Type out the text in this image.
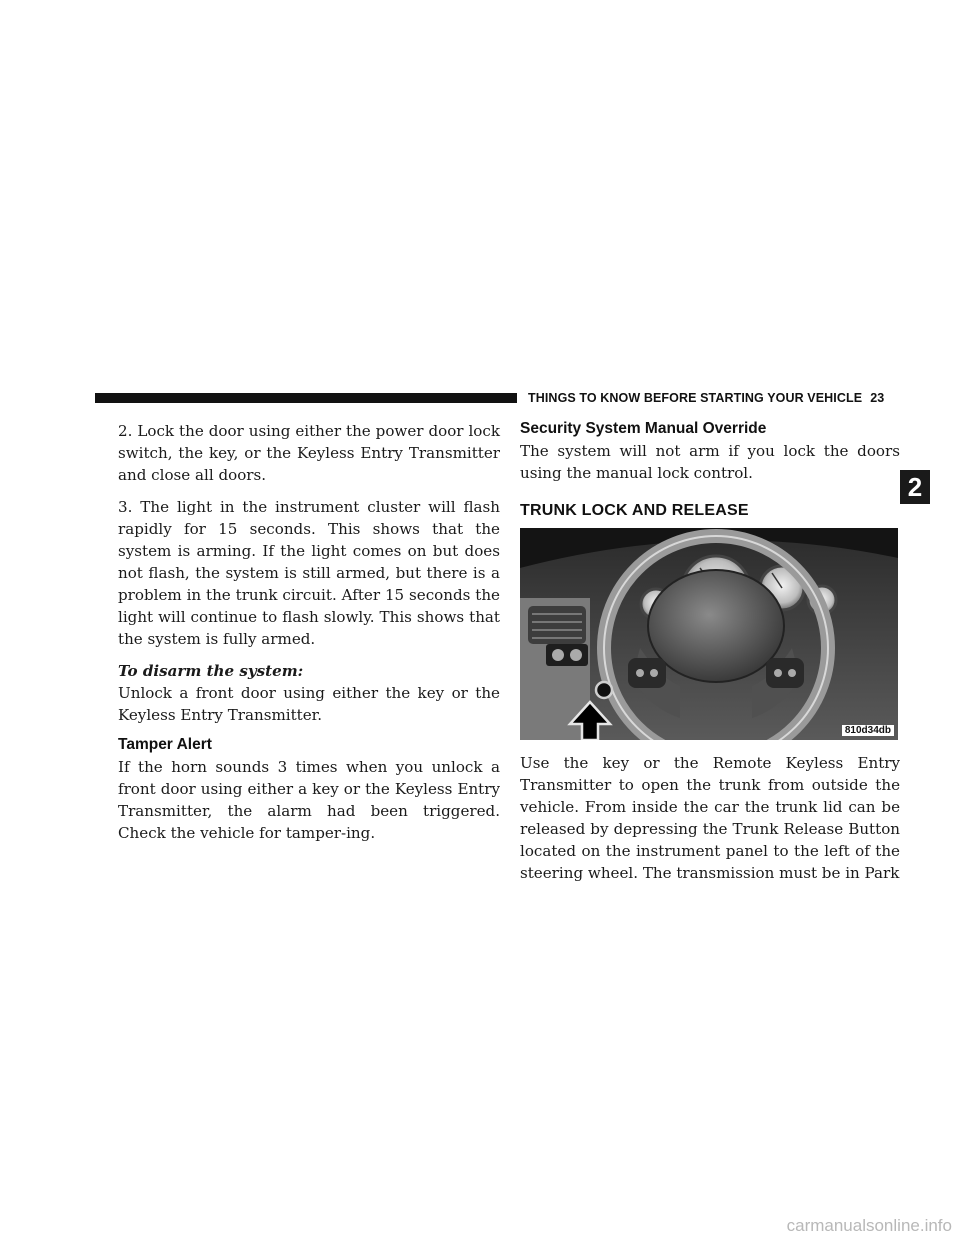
THINGS TO KNOW BEFORE STARTING YOUR VEHICLE 23
2

2. Lock the door using either the power door lock switch, the key, or the Keyless Entry Transmitter and close all doors.

3. The light in the instrument cluster will flash rapidly for 15 seconds. This shows that the system is arming. If the light comes on but does not flash, the system is still armed, but there is a problem in the trunk circuit. After 15 seconds the light will continue to flash slowly. This shows that the system is fully armed.

To disarm the system:

Unlock a front door using either the key or the Keyless Entry Transmitter.

Tamper Alert

If the horn sounds 3 times when you unlock a front door using either a key or the Keyless Entry Transmitter, the alarm had been triggered. Check the vehicle for tamper-ing.

Security System Manual Override

The system will not arm if you lock the doors using the manual lock control.

TRUNK LOCK AND RELEASE
810d34db

Use the key or the Remote Keyless Entry Transmitter to open the trunk from outside the vehicle. From inside the car the trunk lid can be released by depressing the Trunk Release Button located on the instrument panel to the left of the steering wheel. The transmission must be in Park

carmanualsonline.info
